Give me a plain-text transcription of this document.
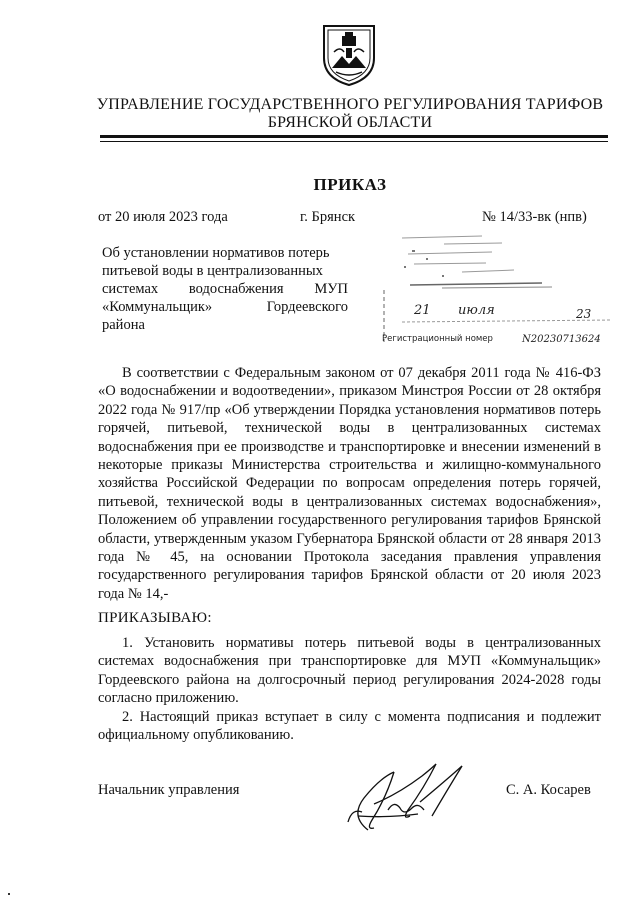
УПРАВЛЕНИЕ ГОСУДАРСТВЕННОГО РЕГУЛИРОВАНИЯ ТАРИФОВ
БРЯНСКОЙ ОБЛАСТИ
ПРИКАЗ
от 20 июля 2023 года	г. Брянск	№ 14/33-вк (нпв)
Об установлении нормативов потерь
питьевой воды в централизованных
системах водоснабжения МУП
«Коммунальщик» Гордеевского
района
21 июля	23
N20230713624
Регистрационный номер
В соответствии с Федеральным законом от 07 декабря 2011 года № 416-ФЗ «О водоснабжении и водоотведении», приказом Минстроя России от 28 октября 2022 года № 917/пр «Об утверждении Порядка установления нормативов потерь горячей, питьевой, технической воды в централизованных системах водоснабжения при ее производстве и транспортировке и внесении изменений в некоторые приказы Министерства строительства и жилищно-коммунального хозяйства Российской Федерации по вопросам определения потерь горячей, питьевой, технической воды в централизованных системах водоснабжения», Положением об управлении государственного регулирования тарифов Брянской области, утвержденным указом Губернатора Брянской области от 28 января 2013 года № 45, на основании Протокола заседания правления управления государственного регулирования тарифов Брянской области от 20 июля 2023 года № 14,-
ПРИКАЗЫВАЮ:
1. Установить нормативы потерь питьевой воды в централизованных системах водоснабжения при транспортировке для МУП «Коммунальщик» Гордеевского района на долгосрочный период регулирования 2024-2028 годы согласно приложению.
2. Настоящий приказ вступает в силу с момента подписания и подлежит официальному опубликованию.
Начальник управления	С. А. Косарев
